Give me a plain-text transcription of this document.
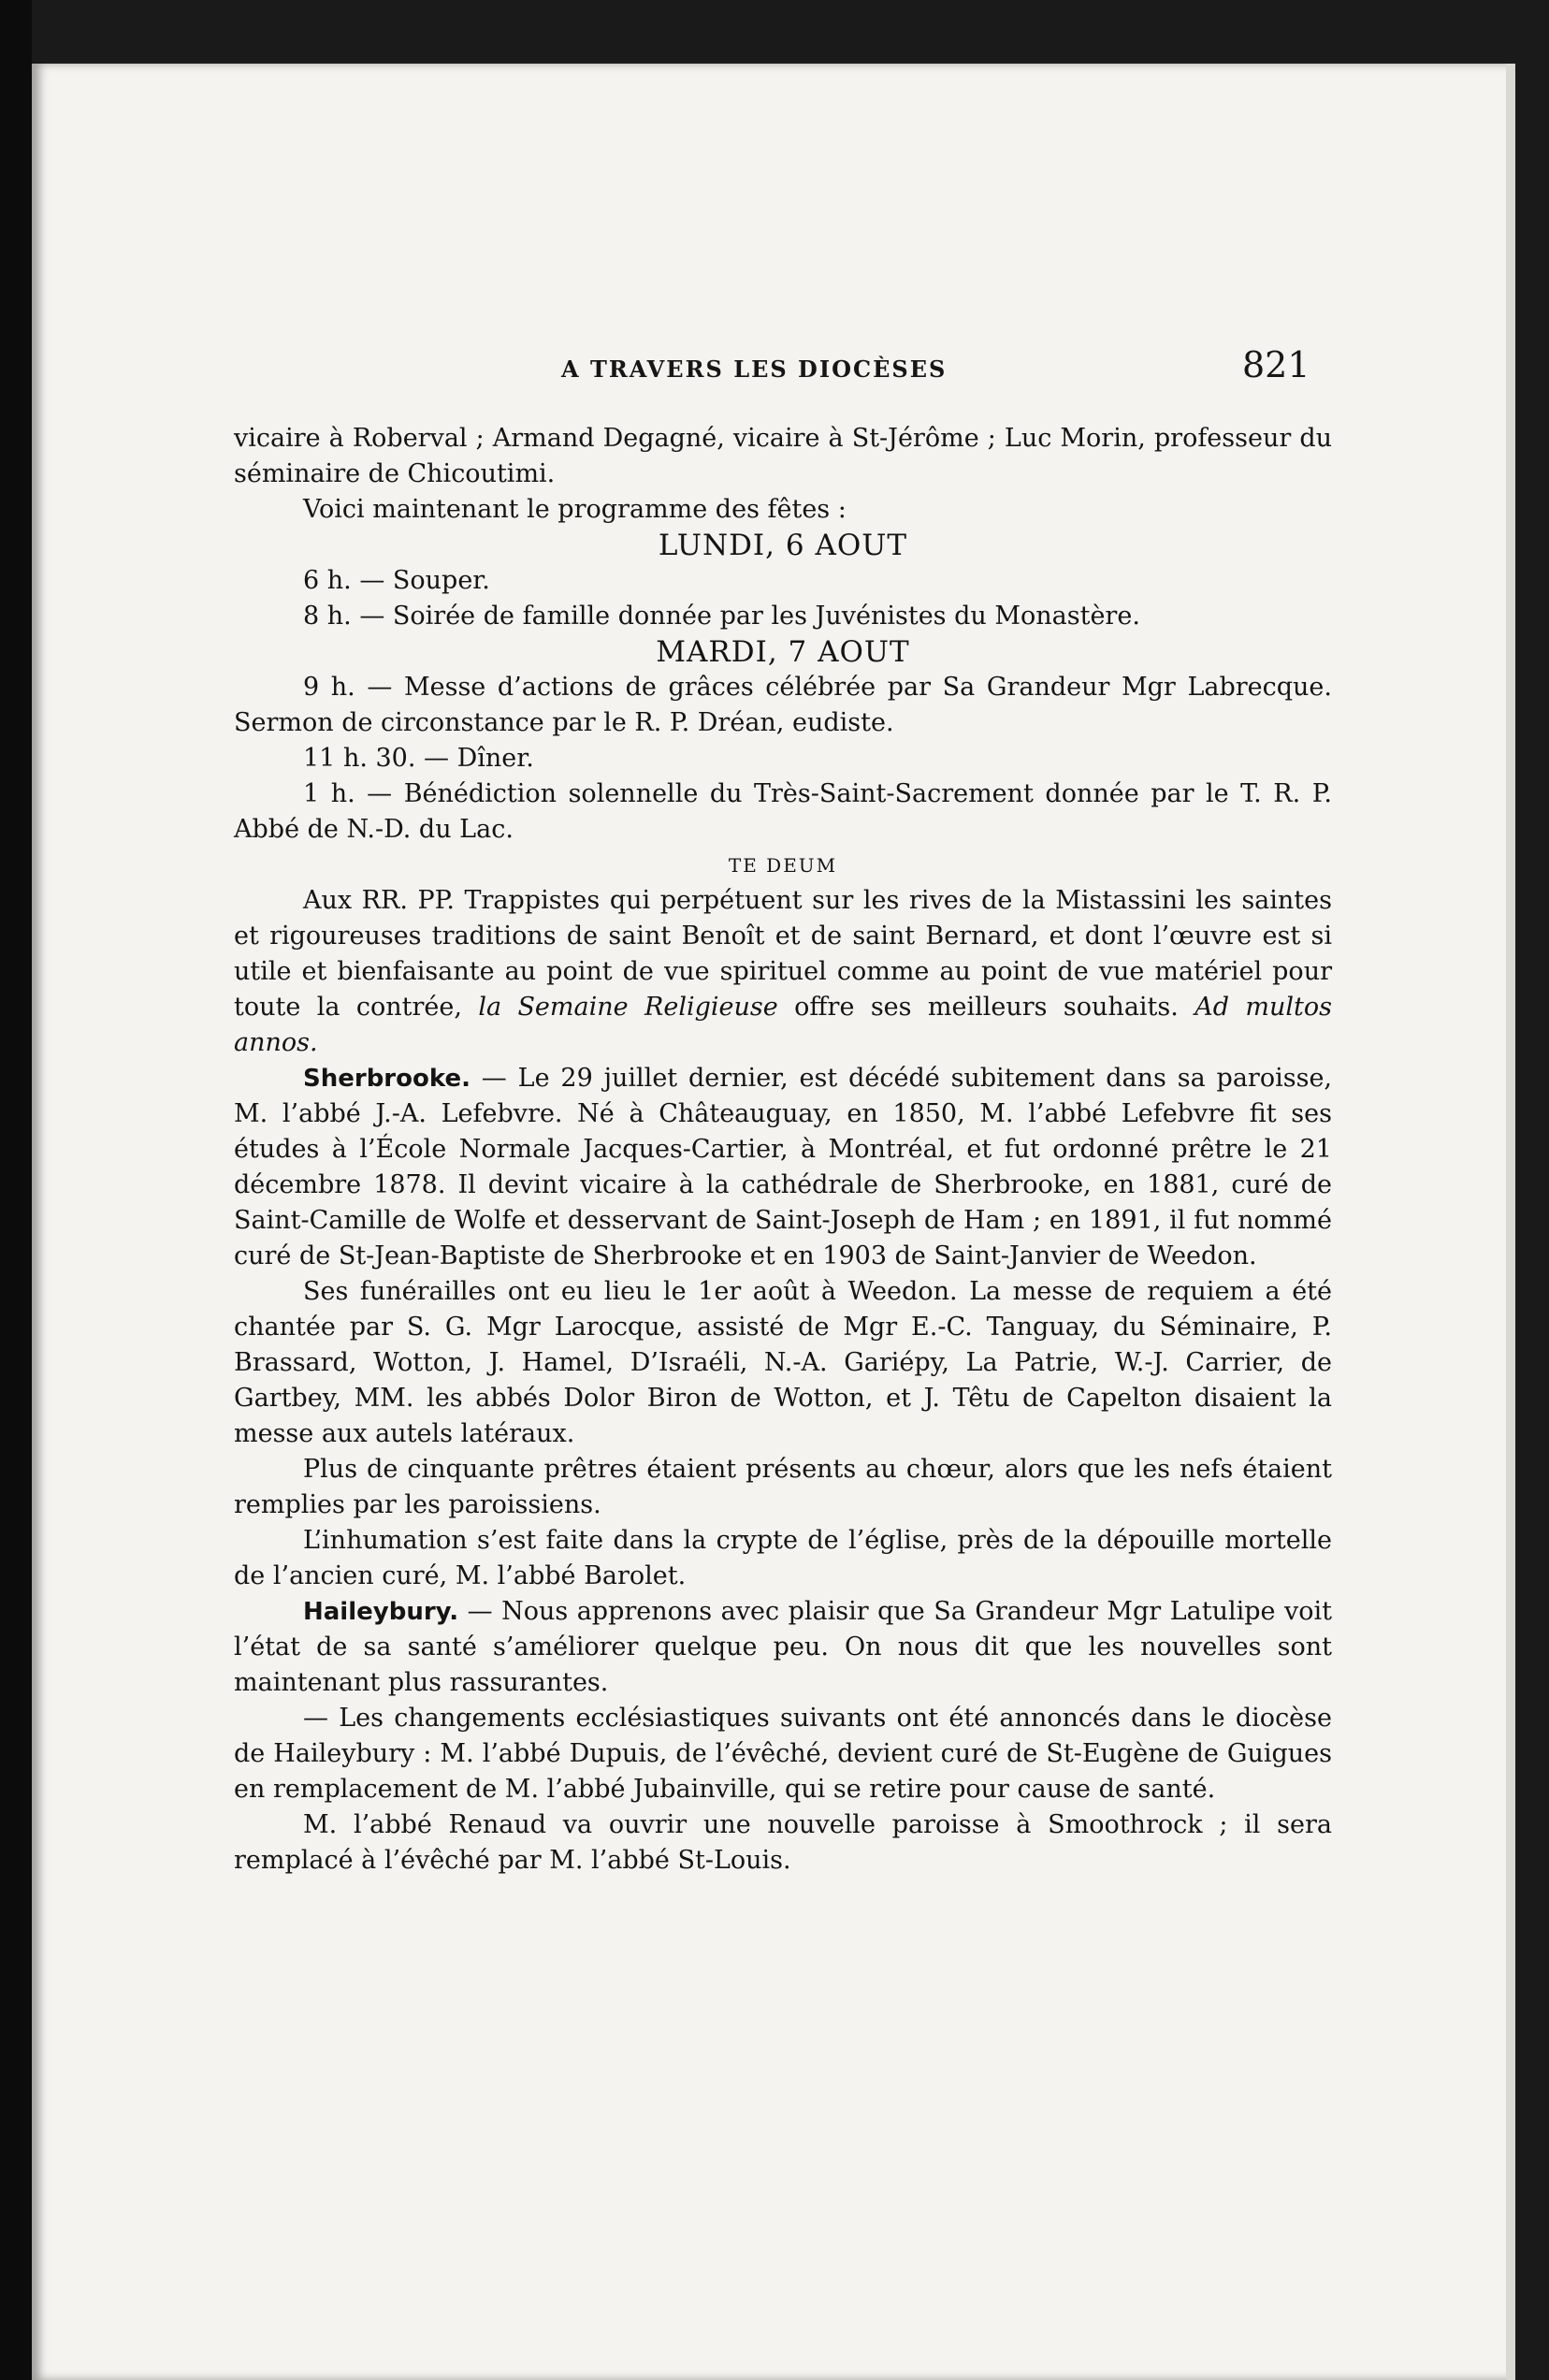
A TRAVERS LES DIOCÈSES	821

vicaire à Roberval ; Armand Degagné, vicaire à St-Jérôme ; Luc Morin, professeur du séminaire de Chicoutimi.

Voici maintenant le programme des fêtes :

LUNDI, 6 AOUT

6 h. — Souper.

8 h. — Soirée de famille donnée par les Juvénistes du Monastère.

MARDI, 7 AOUT

9 h. — Messe d’actions de grâces célébrée par Sa Grandeur Mgr Labrecque. Sermon de circonstance par le R. P. Dréan, eudiste.

11 h. 30. — Dîner.

1 h. — Bénédiction solennelle du Très-Saint-Sacrement donnée par le T. R. P. Abbé de N.-D. du Lac.

TE DEUM

Aux RR. PP. Trappistes qui perpétuent sur les rives de la Mistassini les saintes et rigoureuses traditions de saint Benoît et de saint Bernard, et dont l’œuvre est si utile et bienfaisante au point de vue spirituel comme au point de vue matériel pour toute la contrée, la Semaine Religieuse offre ses meilleurs souhaits. Ad multos annos.

Sherbrooke. — Le 29 juillet dernier, est décédé subitement dans sa paroisse, M. l’abbé J.-A. Lefebvre. Né à Châteauguay, en 1850, M. l’abbé Lefebvre fit ses études à l’École Normale Jacques-Cartier, à Montréal, et fut ordonné prêtre le 21 décembre 1878. Il devint vicaire à la cathédrale de Sherbrooke, en 1881, curé de Saint-Camille de Wolfe et desservant de Saint-Joseph de Ham ; en 1891, il fut nommé curé de St-Jean-Baptiste de Sherbrooke et en 1903 de Saint-Janvier de Weedon.

Ses funérailles ont eu lieu le 1er août à Weedon. La messe de requiem a été chantée par S. G. Mgr Larocque, assisté de Mgr E.-C. Tanguay, du Séminaire, P. Brassard, Wotton, J. Hamel, D’Israéli, N.-A. Gariépy, La Patrie, W.-J. Carrier, de Gartbey, MM. les abbés Dolor Biron de Wotton, et J. Têtu de Capelton disaient la messe aux autels latéraux.

Plus de cinquante prêtres étaient présents au chœur, alors que les nefs étaient remplies par les paroissiens.

L’inhumation s’est faite dans la crypte de l’église, près de la dépouille mortelle de l’ancien curé, M. l’abbé Barolet.

Haileybury. — Nous apprenons avec plaisir que Sa Grandeur Mgr Latulipe voit l’état de sa santé s’améliorer quelque peu. On nous dit que les nouvelles sont maintenant plus rassurantes.

— Les changements ecclésiastiques suivants ont été annoncés dans le diocèse de Haileybury : M. l’abbé Dupuis, de l’évêché, devient curé de St-Eugène de Guigues en remplacement de M. l’abbé Jubainville, qui se retire pour cause de santé.

M. l’abbé Renaud va ouvrir une nouvelle paroisse à Smoothrock ; il sera remplacé à l’évêché par M. l’abbé St-Louis.
